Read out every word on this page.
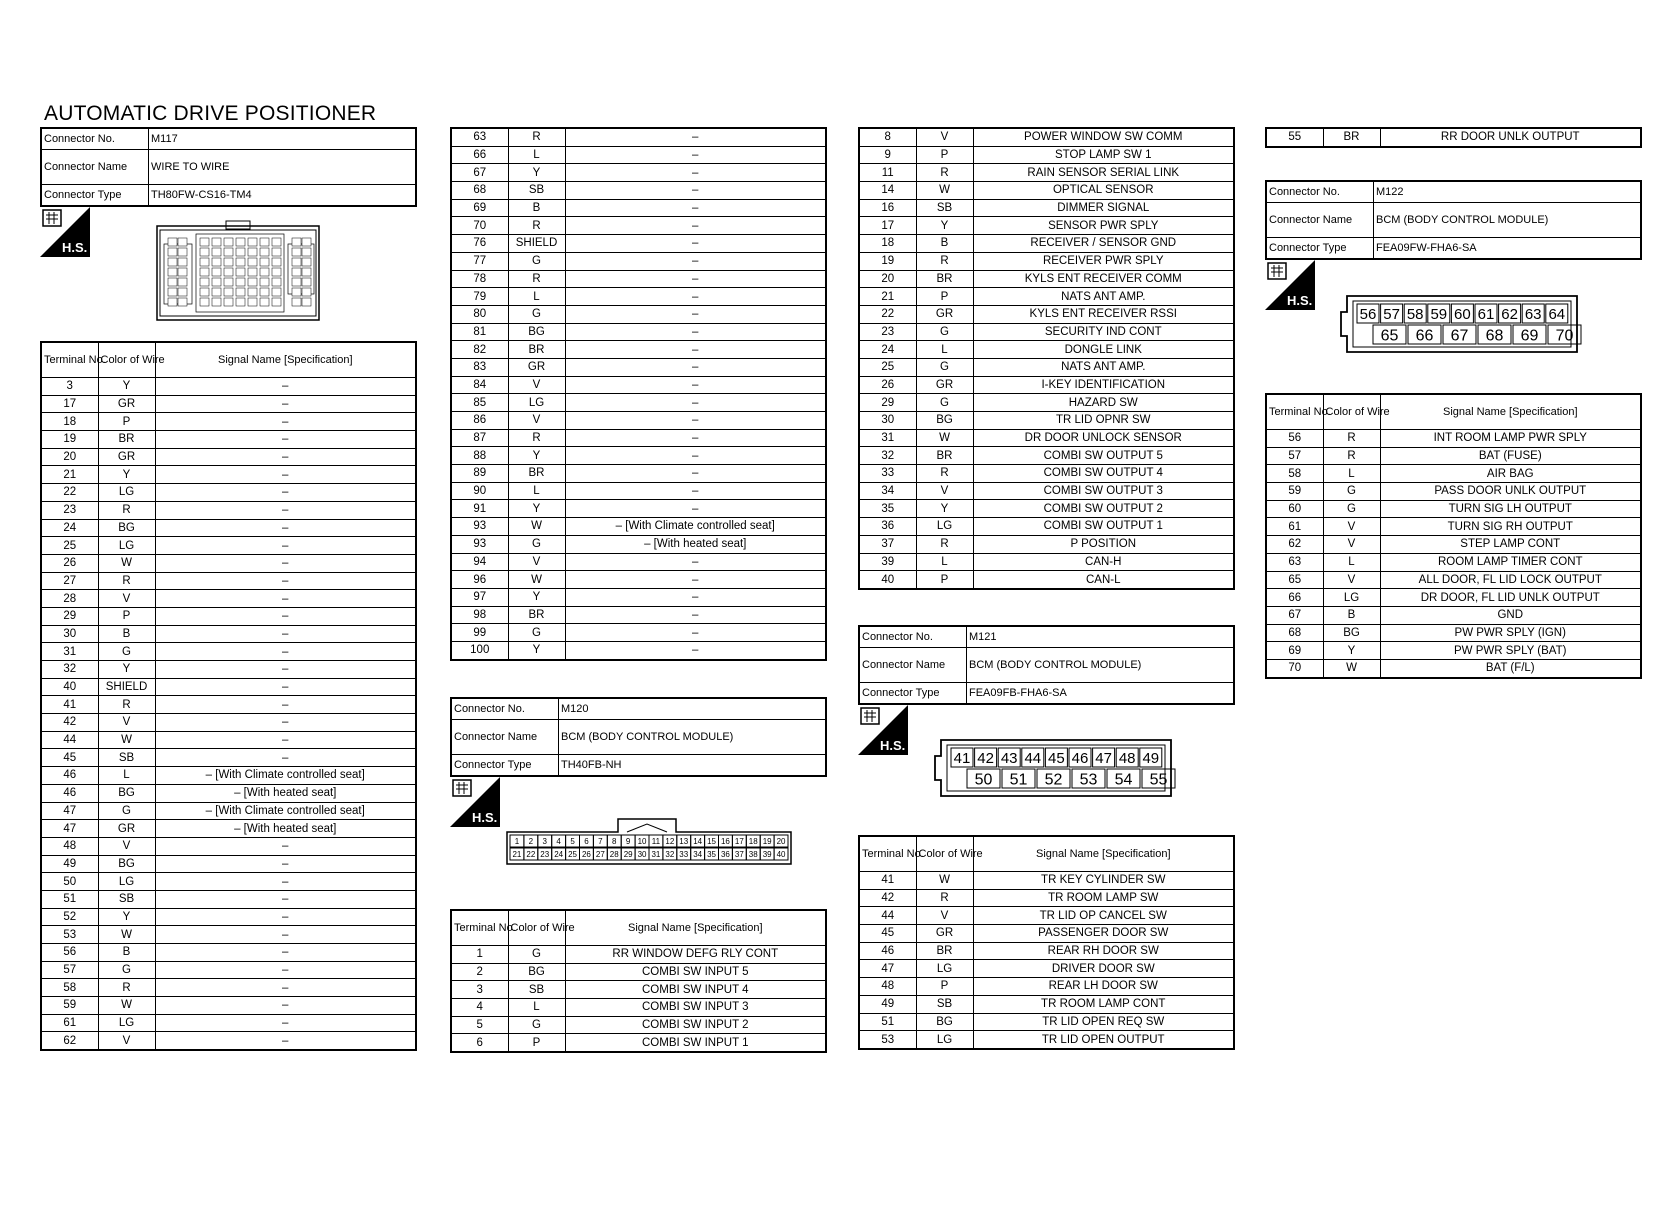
AUTOMATIC DRIVE POSITIONER
Connector No.	M117
Connector Name	WIRE TO WIRE
Connector Type	TH80FW-CS16-TM4
H.S.
Terminal No.	Color of Wire	Signal Name [Specification]
3	Y	–
17	GR	–
18	P	–
19	BR	–
20	GR	–
21	Y	–
22	LG	–
23	R	–
24	BG	–
25	LG	–
26	W	–
27	R	–
28	V	–
29	P	–
30	B	–
31	G	–
32	Y	–
40	SHIELD	–
41	R	–
42	V	–
44	W	–
45	SB	–
46	L	– [With Climate controlled seat]
46	BG	– [With heated seat]
47	G	– [With Climate controlled seat]
47	GR	– [With heated seat]
48	V	–
49	BG	–
50	LG	–
51	SB	–
52	Y	–
53	W	–
56	B	–
57	G	–
58	R	–
59	W	–
61	LG	–
62	V	–
63	R	–
66	L	–
67	Y	–
68	SB	–
69	B	–
70	R	–
76	SHIELD	–
77	G	–
78	R	–
79	L	–
80	G	–
81	BG	–
82	BR	–
83	GR	–
84	V	–
85	LG	–
86	V	–
87	R	–
88	Y	–
89	BR	–
90	L	–
91	Y	–
93	W	– [With Climate controlled seat]
93	G	– [With heated seat]
94	V	–
96	W	–
97	Y	–
98	BR	–
99	G	–
100	Y	–
Connector No.	M120
Connector Name	BCM (BODY CONTROL MODULE)
Connector Type	TH40FB-NH
H.S.
1 2 3 4 5 6 7 8 9 10 11 12 13 14 15 16 17 18 19 20
21 22 23 24 25 26 27 28 29 30 31 32 33 34 35 36 37 38 39 40
Terminal No.	Color of Wire	Signal Name [Specification]
1	G	RR WINDOW DEFG RLY CONT
2	BG	COMBI SW INPUT 5
3	SB	COMBI SW INPUT 4
4	L	COMBI SW INPUT 3
5	G	COMBI SW INPUT 2
6	P	COMBI SW INPUT 1
8	V	POWER WINDOW SW COMM
9	P	STOP LAMP SW 1
11	R	RAIN SENSOR SERIAL LINK
14	W	OPTICAL SENSOR
16	SB	DIMMER SIGNAL
17	Y	SENSOR PWR SPLY
18	B	RECEIVER / SENSOR GND
19	R	RECEIVER PWR SPLY
20	BR	KYLS ENT RECEIVER COMM
21	P	NATS ANT AMP.
22	GR	KYLS ENT RECEIVER RSSI
23	G	SECURITY IND CONT
24	L	DONGLE LINK
25	G	NATS ANT AMP.
26	GR	I-KEY IDENTIFICATION
29	G	HAZARD SW
30	BG	TR LID OPNR SW
31	W	DR DOOR UNLOCK SENSOR
32	BR	COMBI SW OUTPUT 5
33	R	COMBI SW OUTPUT 4
34	V	COMBI SW OUTPUT 3
35	Y	COMBI SW OUTPUT 2
36	LG	COMBI SW OUTPUT 1
37	R	P POSITION
39	L	CAN-H
40	P	CAN-L
Connector No.	M121
Connector Name	BCM (BODY CONTROL MODULE)
Connector Type	FEA09FB-FHA6-SA
H.S.
41 42 43 44 45 46 47 48 49
50 51 52 53 54 55
Terminal No.	Color of Wire	Signal Name [Specification]
41	W	TR KEY CYLINDER SW
42	R	TR ROOM LAMP SW
44	V	TR LID OP CANCEL SW
45	GR	PASSENGER DOOR SW
46	BR	REAR RH DOOR SW
47	LG	DRIVER DOOR SW
48	P	REAR LH DOOR SW
49	SB	TR ROOM LAMP CONT
51	BG	TR LID OPEN REQ SW
53	LG	TR LID OPEN OUTPUT
55	BR	RR DOOR UNLK OUTPUT
Connector No.	M122
Connector Name	BCM (BODY CONTROL MODULE)
Connector Type	FEA09FW-FHA6-SA
H.S.
56 57 58 59 60 61 62 63 64
65 66 67 68 69 70
Terminal No.	Color of Wire	Signal Name [Specification]
56	R	INT ROOM LAMP PWR SPLY
57	R	BAT (FUSE)
58	L	AIR BAG
59	G	PASS DOOR UNLK OUTPUT
60	G	TURN SIG LH OUTPUT
61	V	TURN SIG RH OUTPUT
62	V	STEP LAMP CONT
63	L	ROOM LAMP TIMER CONT
65	V	ALL DOOR, FL LID LOCK OUTPUT
66	LG	DR DOOR, FL LID UNLK OUTPUT
67	B	GND
68	BG	PW PWR SPLY (IGN)
69	Y	PW PWR SPLY (BAT)
70	W	BAT (F/L)
